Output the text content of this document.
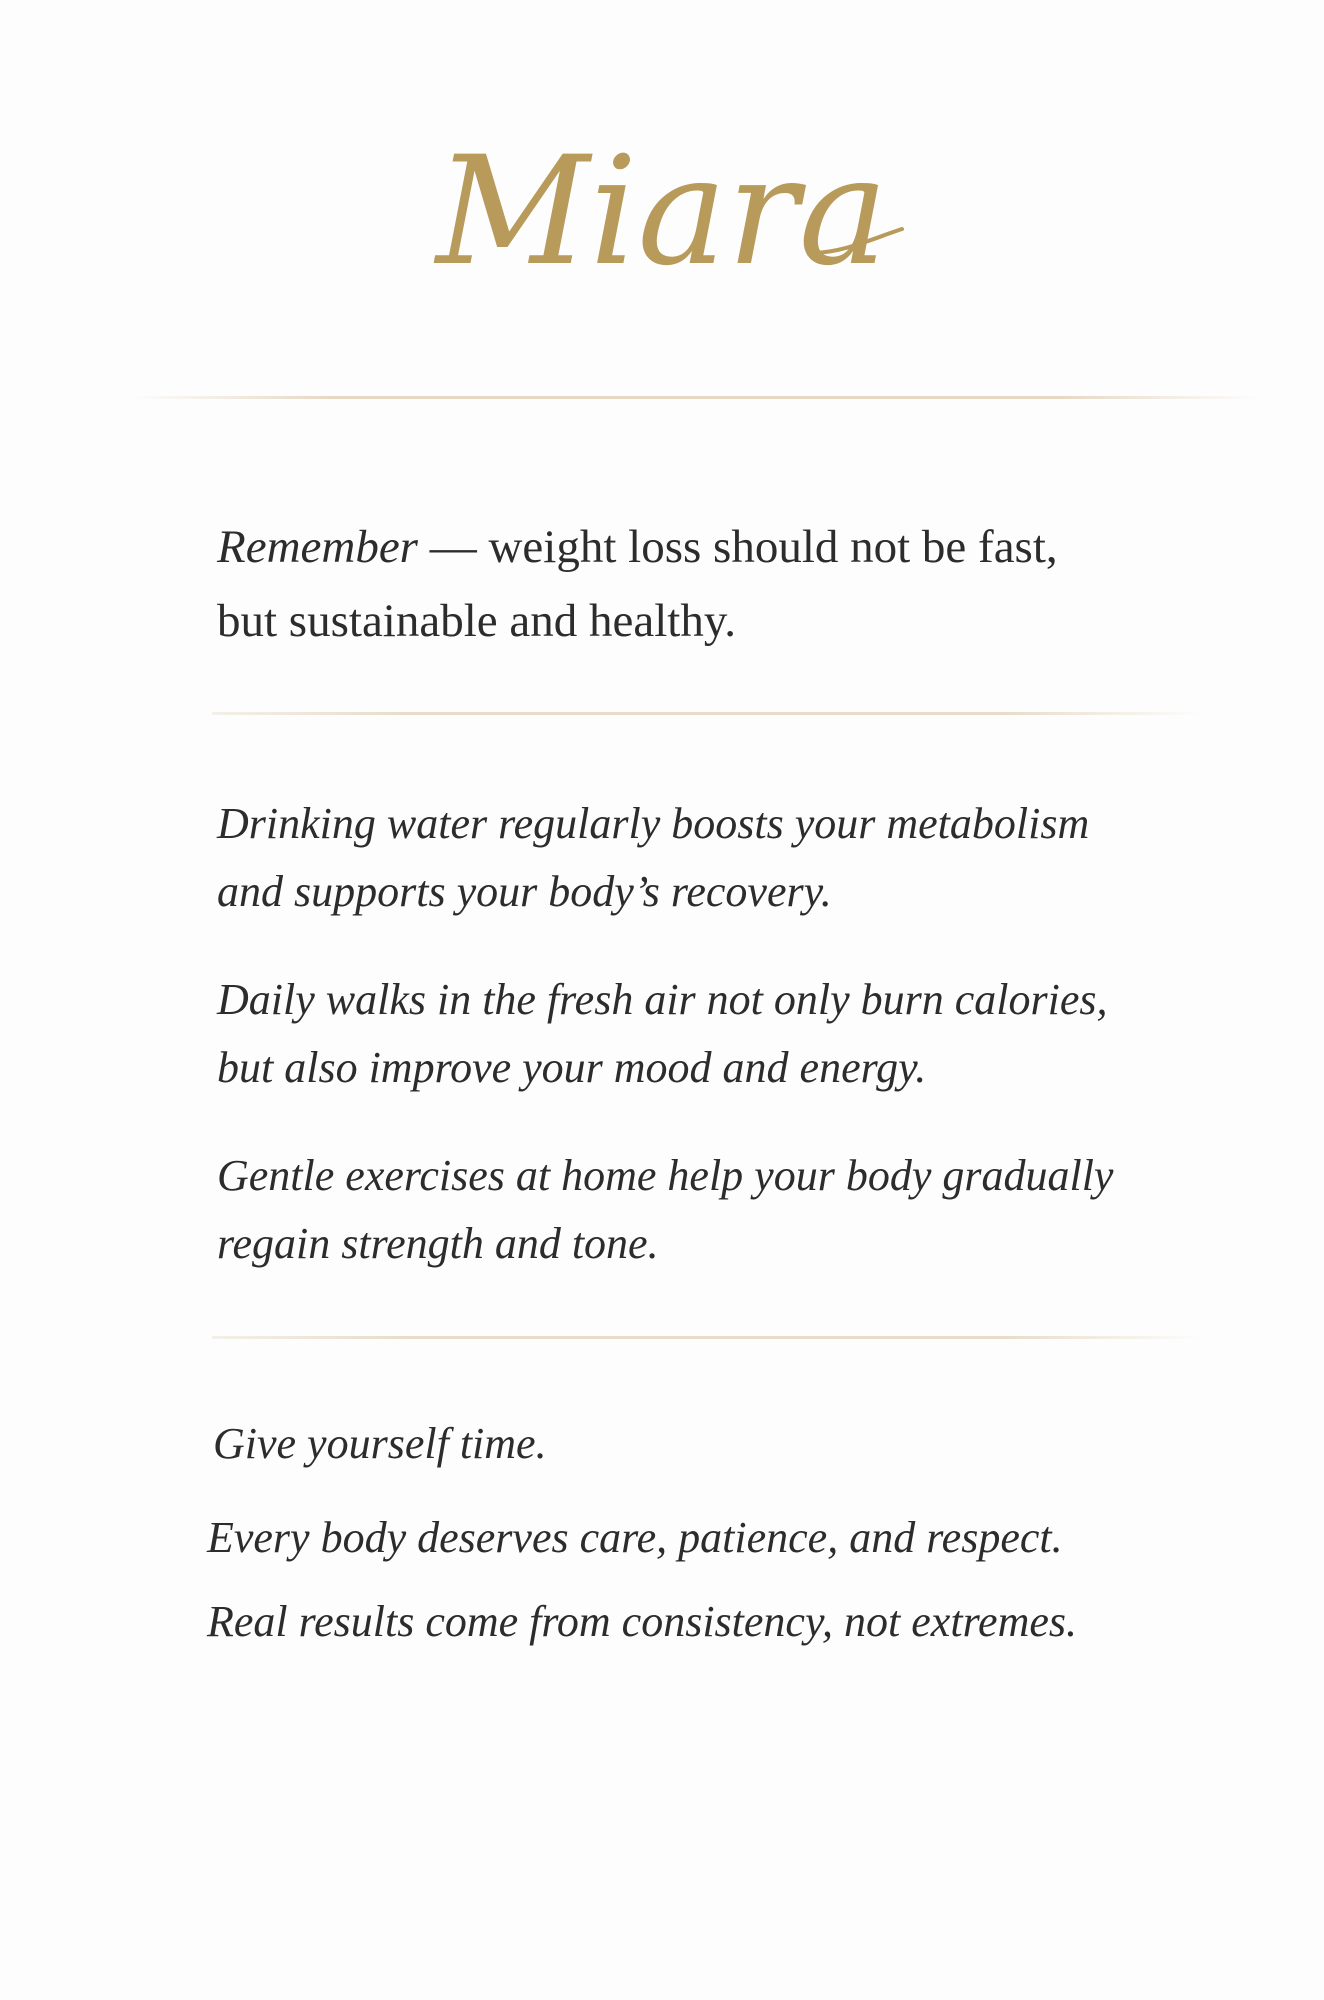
Miara

Remember — weight loss should not be fast,
but sustainable and healthy.

Drinking water regularly boosts your metabolism
and supports your body’s recovery.

Daily walks in the fresh air not only burn calories,
but also improve your mood and energy.

Gentle exercises at home help your body gradually
regain strength and tone.

Give yourself time.

Every body deserves care, patience, and respect.

Real results come from consistency, not extremes.
